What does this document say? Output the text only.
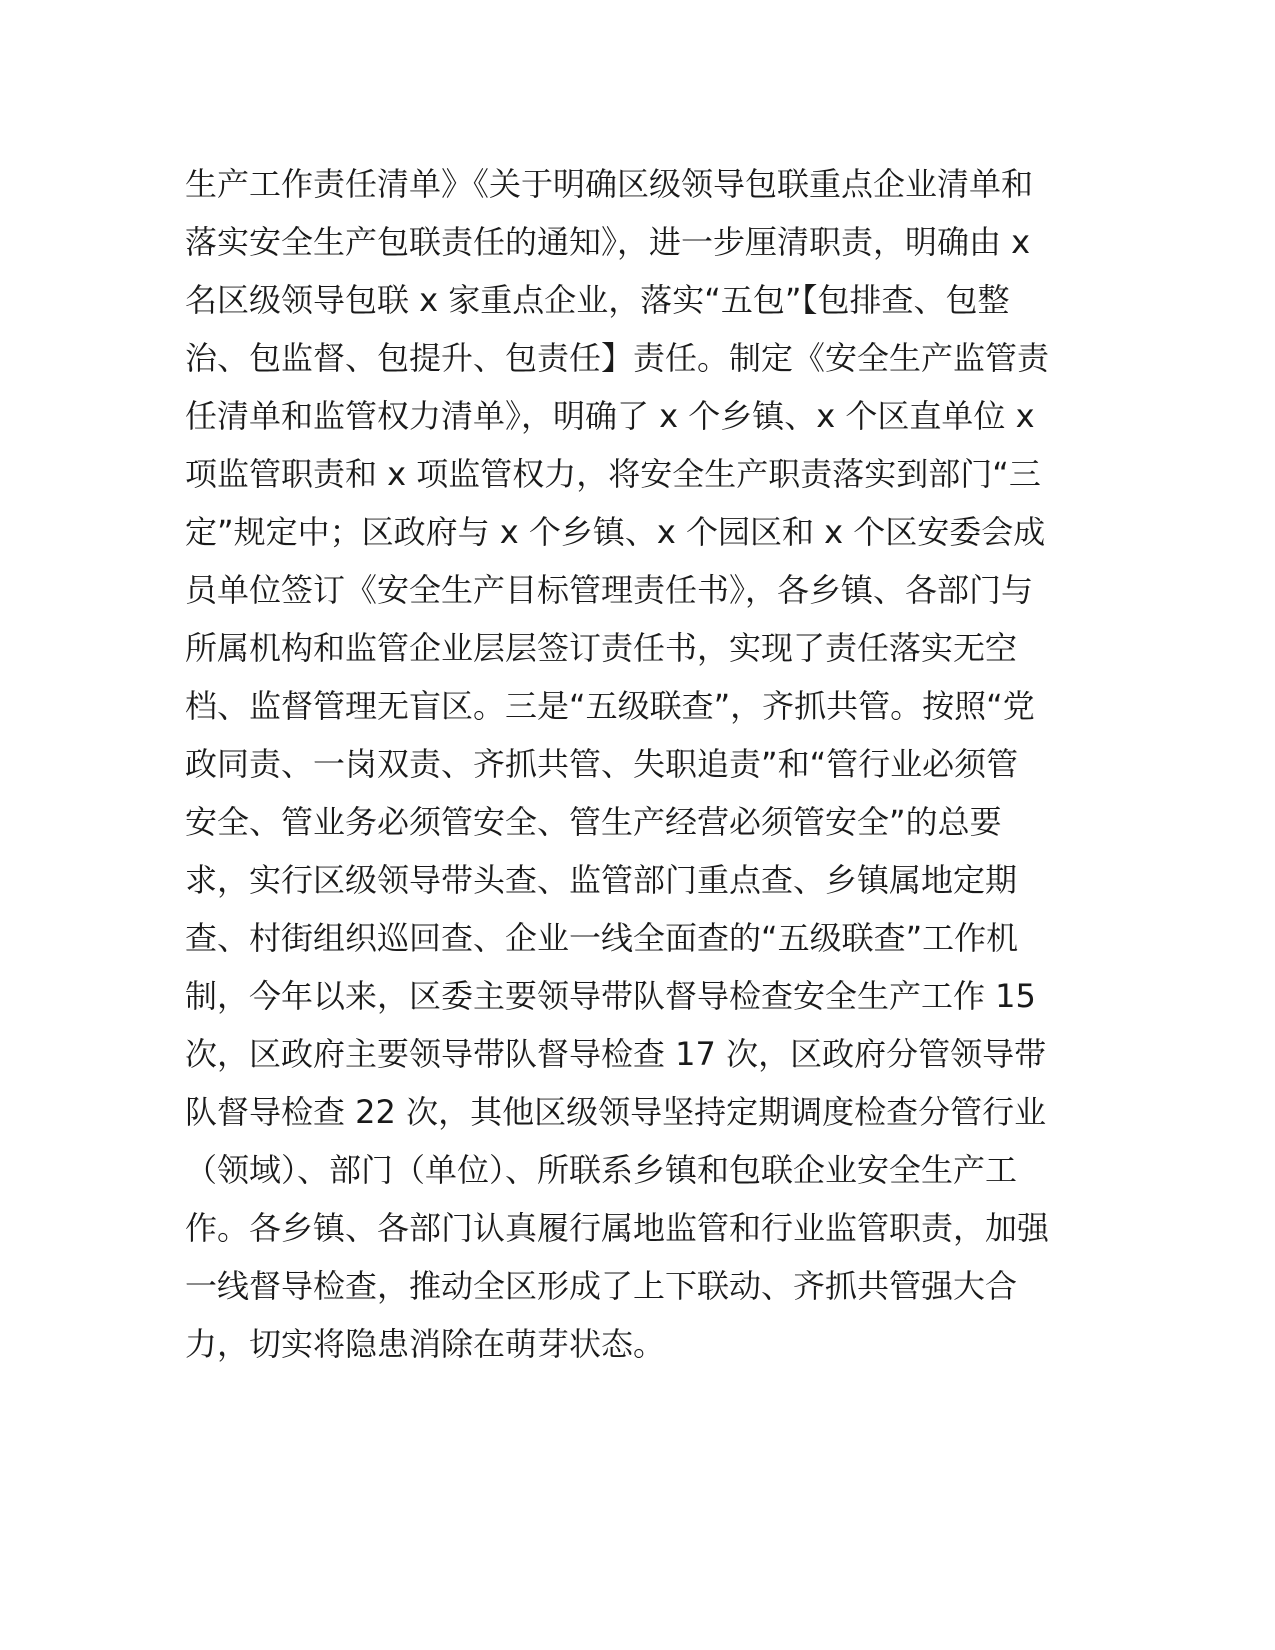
生产工作责任清单》《关于明确区级领导包联重点企业清单和
落实安全生产包联责任的通知》，进一步厘清职责，明确由 x
名区级领导包联 x 家重点企业，落实“五包”【包排查、包整
治、包监督、包提升、包责任】责任。制定《安全生产监管责
任清单和监管权力清单》，明确了 x 个乡镇、x 个区直单位 x
项监管职责和 x 项监管权力，将安全生产职责落实到部门“三
定”规定中；区政府与 x 个乡镇、x 个园区和 x 个区安委会成
员单位签订《安全生产目标管理责任书》，各乡镇、各部门与
所属机构和监管企业层层签订责任书，实现了责任落实无空
档、监督管理无盲区。三是“五级联查”，齐抓共管。按照“党
政同责、一岗双责、齐抓共管、失职追责”和“管行业必须管
安全、管业务必须管安全、管生产经营必须管安全”的总要
求，实行区级领导带头查、监管部门重点查、乡镇属地定期
查、村街组织巡回查、企业一线全面查的“五级联查”工作机
制，今年以来，区委主要领导带队督导检查安全生产工作 15
次，区政府主要领导带队督导检查 17 次，区政府分管领导带
队督导检查 22 次，其他区级领导坚持定期调度检查分管行业
（领域）、部门（单位）、所联系乡镇和包联企业安全生产工
作。各乡镇、各部门认真履行属地监管和行业监管职责，加强
一线督导检查，推动全区形成了上下联动、齐抓共管强大合
力，切实将隐患消除在萌芽状态。
